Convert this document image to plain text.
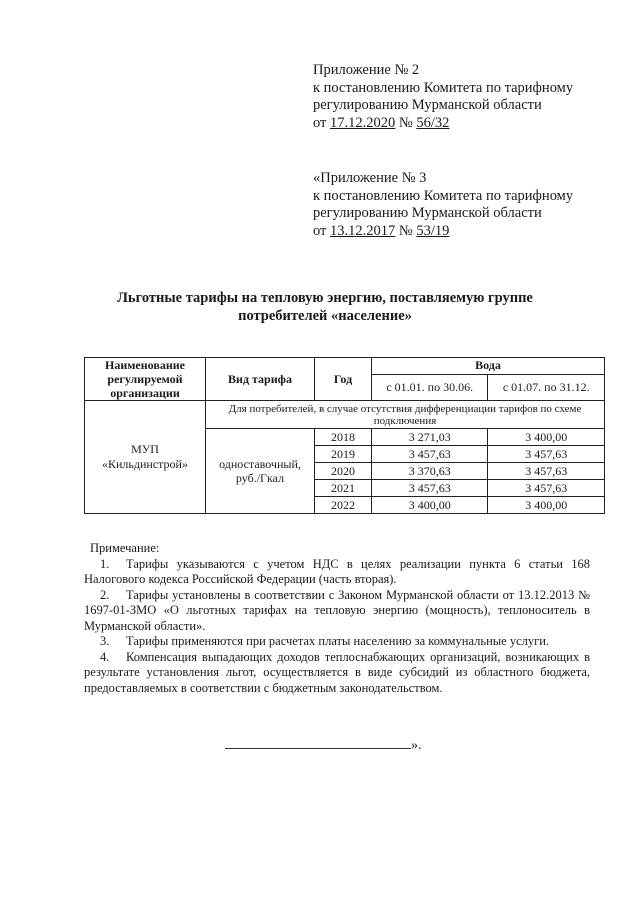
Приложение № 2
к постановлению Комитета по тарифному
регулированию Мурманской области
от 17.12.2020 № 56/32
«Приложение № 3
к постановлению Комитета по тарифному
регулированию Мурманской области
от 13.12.2017 № 53/19
Льготные тарифы на тепловую энергию, поставляемую группе
потребителей «население»
Наименование регулируемой организации	Вид тарифа	Год	Вода	
			с 01.01. по 30.06.	с 01.07. по 31.12.
МУП «Кильдинстрой»	Для потребителей, в случае отсутствия дифференциации тарифов по схеме подключения			
	одноставочный, руб./Гкал	2018	3 271,03	3 400,00
		2019	3 457,63	3 457,63
		2020	3 370,63	3 457,63
		2021	3 457,63	3 457,63
		2022	3 400,00	3 400,00
Примечание:

1. Тарифы указываются с учетом НДС в целях реализации пункта 6 статьи 168 Налогового кодекса Российской Федерации (часть вторая).

2. Тарифы установлены в соответствии с Законом Мурманской области от 13.12.2013 № 1697-01-ЗМО «О льготных тарифах на тепловую энергию (мощность), теплоноситель в Мурманской области».

3. Тарифы применяются при расчетах платы населению за коммунальные услуги.

4. Компенсация выпадающих доходов теплоснабжающих организаций, возникающих в результате установления льгот, осуществляется в виде субсидий из областного бюджета, предоставляемых в соответствии с бюджетным законодательством.

».
